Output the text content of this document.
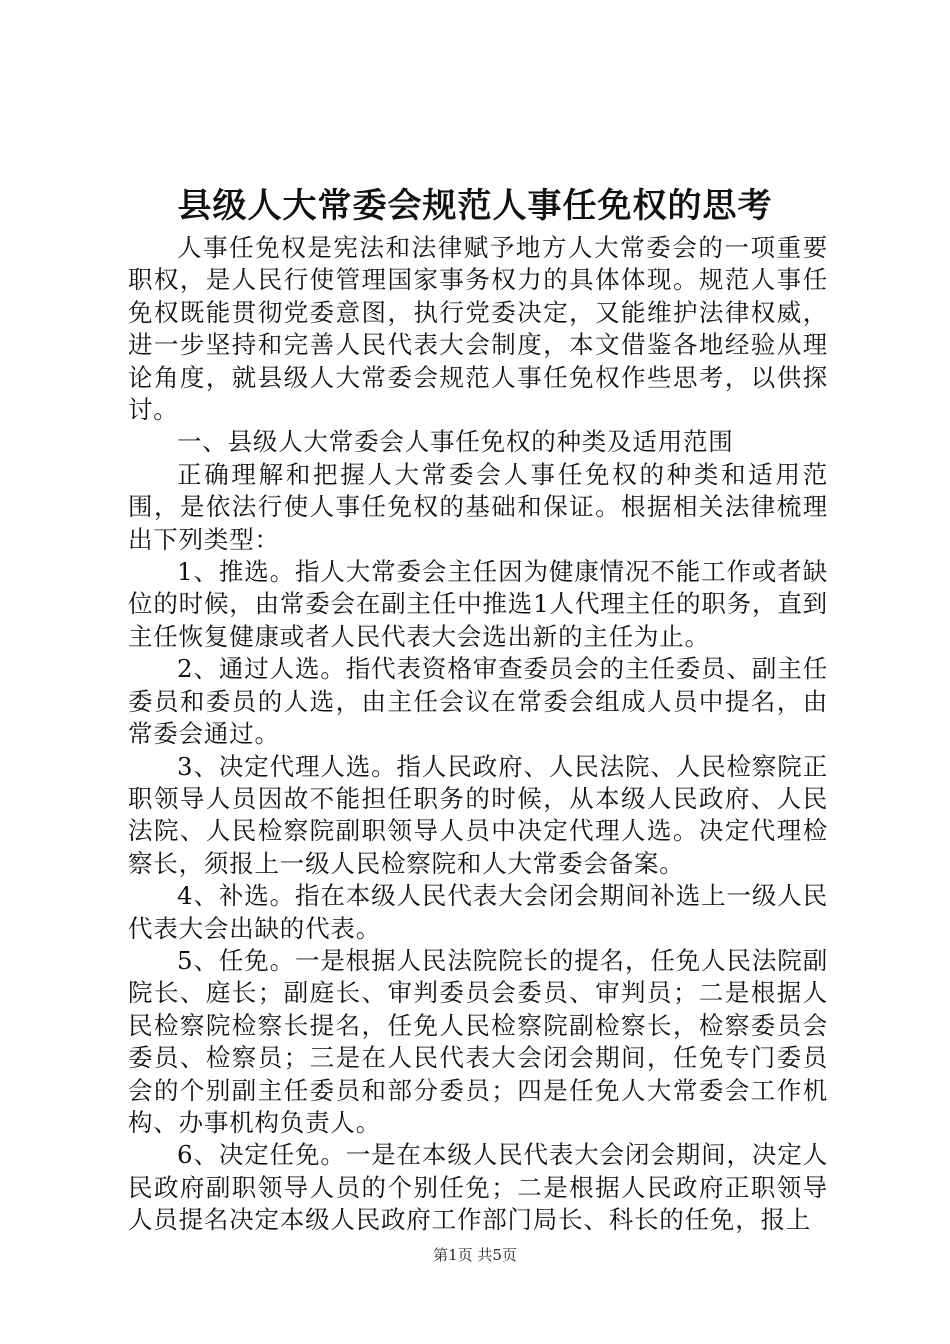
县级人大常委会规范人事任免权的思考

人事任免权是宪法和法律赋予地方人大常委会的一项重要职权，是人民行使管理国家事务权力的具体体现。规范人事任免权既能贯彻党委意图，执行党委决定，又能维护法律权威，进一步坚持和完善人民代表大会制度，本文借鉴各地经验从理论角度，就县级人大常委会规范人事任免权作些思考，以供探讨。

一、县级人大常委会人事任免权的种类及适用范围

正确理解和把握人大常委会人事任免权的种类和适用范围，是依法行使人事任免权的基础和保证。根据相关法律梳理出下列类型：

1、推选。指人大常委会主任因为健康情况不能工作或者缺位的时候，由常委会在副主任中推选1人代理主任的职务，直到主任恢复健康或者人民代表大会选出新的主任为止。

2、通过人选。指代表资格审查委员会的主任委员、副主任委员和委员的人选，由主任会议在常委会组成人员中提名，由常委会通过。

3、决定代理人选。指人民政府、人民法院、人民检察院正职领导人员因故不能担任职务的时候，从本级人民政府、人民法院、人民检察院副职领导人员中决定代理人选。决定代理检察长，须报上一级人民检察院和人大常委会备案。

4、补选。指在本级人民代表大会闭会期间补选上一级人民代表大会出缺的代表。

5、任免。一是根据人民法院院长的提名，任免人民法院副院长、庭长；副庭长、审判委员会委员、审判员；二是根据人民检察院检察长提名，任免人民检察院副检察长，检察委员会委员、检察员；三是在人民代表大会闭会期间，任免专门委员会的个别副主任委员和部分委员；四是任免人大常委会工作机构、办事机构负责人。

6、决定任免。一是在本级人民代表大会闭会期间，决定人民政府副职领导人员的个别任免；二是根据人民政府正职领导人员提名决定本级人民政府工作部门局长、科长的任免，报上

第1页 共5页
